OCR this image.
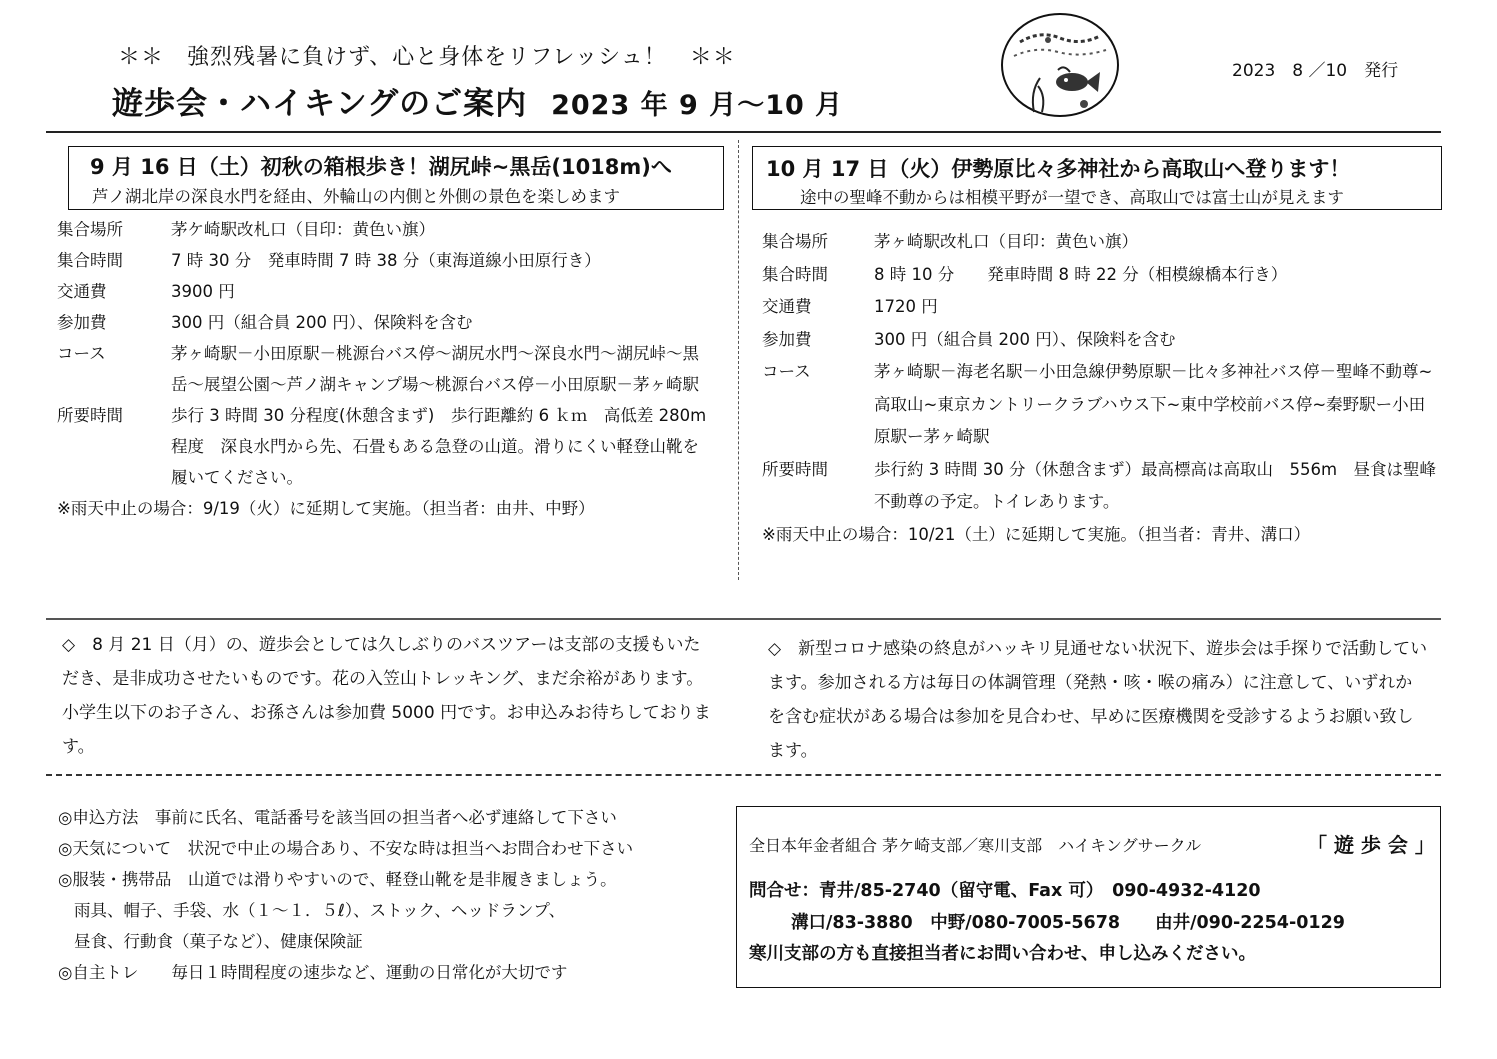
＊＊　強烈残暑に負けず、心と身体をリフレッシュ！　＊＊
遊歩会・ハイキングのご案内 2023 年 9 月～10 月
2023　8 ／10　発行
9 月 16 日（土）初秋の箱根歩き！湖尻峠~黒岳(1018m)へ
芦ノ湖北岸の深良水門を経由、外輪山の内側と外側の景色を楽しめます
集合場所	茅ケ崎駅改札口（目印：黄色い旗）
集合時間	7 時 30 分　発車時間 7 時 38 分（東海道線小田原行き）
交通費	3900 円
参加費	300 円（組合員 200 円）、保険料を含む
コース	茅ヶ崎駅－小田原駅－桃源台バス停～湖尻水門～深良水門～湖尻峠～黒岳～展望公園～芦ノ湖キャンプ場～桃源台バス停－小田原駅－茅ヶ崎駅
所要時間	歩行 3 時間 30 分程度(休憩含まず)　歩行距離約 6 ｋｍ　高低差 280m 程度　深良水門から先、石畳もある急登の山道。滑りにくい軽登山靴を履いてください。
※雨天中止の場合：9/19（火）に延期して実施。（担当者：由井、中野）
10 月 17 日（火）伊勢原比々多神社から高取山へ登ります！
途中の聖峰不動からは相模平野が一望でき、高取山では富士山が見えます
集合場所	茅ヶ崎駅改札口（目印：黄色い旗）
集合時間	8 時 10 分　　発車時間 8 時 22 分（相模線橋本行き）
交通費	1720 円
参加費	300 円（組合員 200 円）、保険料を含む
コース	茅ヶ崎駅－海老名駅－小田急線伊勢原駅－比々多神社バス停－聖峰不動尊~高取山~東京カントリークラブハウス下~東中学校前バス停~秦野駅ー小田原駅ー茅ヶ崎駅
所要時間	歩行約 3 時間 30 分（休憩含まず）最高標高は高取山　556m　昼食は聖峰不動尊の予定。トイレあります。
※雨天中止の場合：10/21（土）に延期して実施。（担当者：青井、溝口）
◇　8 月 21 日（月）の、遊歩会としては久しぶりのバスツアーは支部の支援もいただき、是非成功させたいものです。花の入笠山トレッキング、まだ余裕があります。小学生以下のお子さん、お孫さんは参加費 5000 円です。お申込みお待ちしております。
◇　新型コロナ感染の終息がハッキリ見通せない状況下、遊歩会は手探りで活動しています。参加される方は毎日の体調管理（発熱・咳・喉の痛み）に注意して、いずれかを含む症状がある場合は参加を見合わせ、早めに医療機関を受診するようお願い致します。
◎申込方法　事前に氏名、電話番号を該当回の担当者へ必ず連絡して下さい
◎天気について　状況で中止の場合あり、不安な時は担当へお問合わせ下さい
◎服装・携帯品　山道では滑りやすいので、軽登山靴を是非履きましょう。
雨具、帽子、手袋、水（１～１．５ℓ）、ストック、ヘッドランプ、
昼食、行動食（菓子など）、健康保険証
◎自主トレ　　毎日１時間程度の速歩など、運動の日常化が大切です
全日本年金者組合 茅ケ崎支部／寒川支部　ハイキングサークル	「 遊 歩 会 」
問合せ：青井/85-2740（留守電、Fax 可）　090-4932-4120
溝口/83-3880　中野/080-7005-5678　　由井/090-2254-0129
寒川支部の方も直接担当者にお問い合わせ、申し込みください。
